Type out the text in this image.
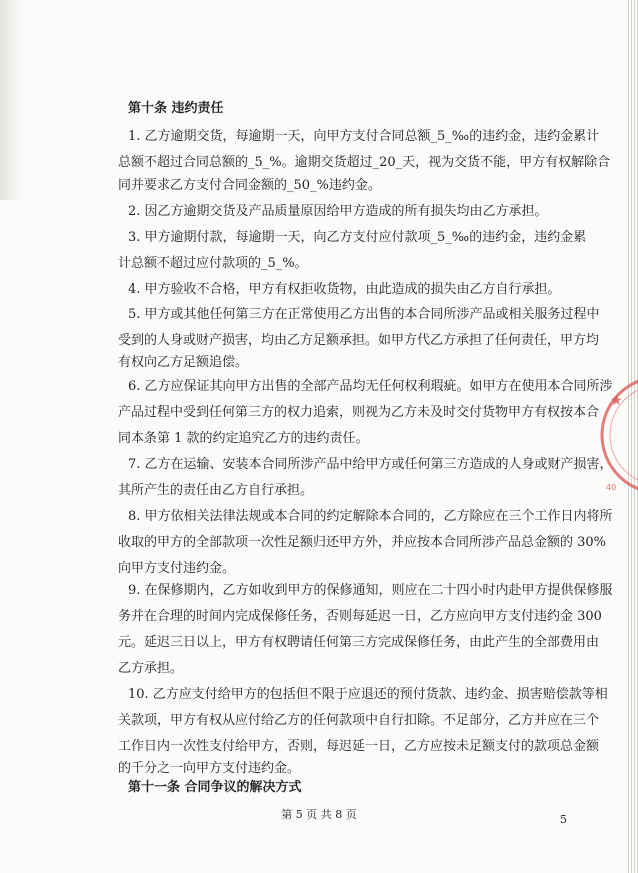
第十条 违约责任
1. 乙方逾期交货，每逾期一天，向甲方支付合同总额_5_‰的违约金，违约金累计
总额不超过合同总额的_5_%。逾期交货超过_20_天，视为交货不能，甲方有权解除合
同并要求乙方支付合同金额的_50_%违约金。
2. 因乙方逾期交货及产品质量原因给甲方造成的所有损失均由乙方承担。
3. 甲方逾期付款，每逾期一天，向乙方支付应付款项_5_‰的违约金，违约金累
计总额不超过应付款项的_5_%。
4. 甲方验收不合格，甲方有权拒收货物，由此造成的损失由乙方自行承担。
5. 甲方或其他任何第三方在正常使用乙方出售的本合同所涉产品或相关服务过程中
受到的人身或财产损害，均由乙方足额承担。如甲方代乙方承担了任何责任，甲方均
有权向乙方足额追偿。
6. 乙方应保证其向甲方出售的全部产品均无任何权利瑕疵。如甲方在使用本合同所涉
产品过程中受到任何第三方的权力追索，则视为乙方未及时交付货物甲方有权按本合
同本条第 1 款的约定追究乙方的违约责任。
7. 乙方在运输、安装本合同所涉产品中给甲方或任何第三方造成的人身或财产损害，
其所产生的责任由乙方自行承担。
8. 甲方依相关法律法规或本合同的约定解除本合同的，乙方除应在三个工作日内将所
收取的甲方的全部款项一次性足额归还甲方外，并应按本合同所涉产品总金额的 30%
向甲方支付违约金。
9. 在保修期内，乙方如收到甲方的保修通知，则应在二十四小时内赴甲方提供保修服
务并在合理的时间内完成保修任务，否则每延迟一日，乙方应向甲方支付违约金 300
元。延迟三日以上，甲方有权聘请任何第三方完成保修任务，由此产生的全部费用由
乙方承担。
10. 乙方应支付给甲方的包括但不限于应退还的预付货款、违约金、损害赔偿款等相
关款项，甲方有权从应付给乙方的任何款项中自行扣除。不足部分，乙方并应在三个
工作日内一次性支付给甲方，否则，每迟延一日，乙方应按未足额支付的款项总金额
的千分之一向甲方支付违约金。
第十一条 合同争议的解决方式
第 5 页 共 8 页	5
★
40
